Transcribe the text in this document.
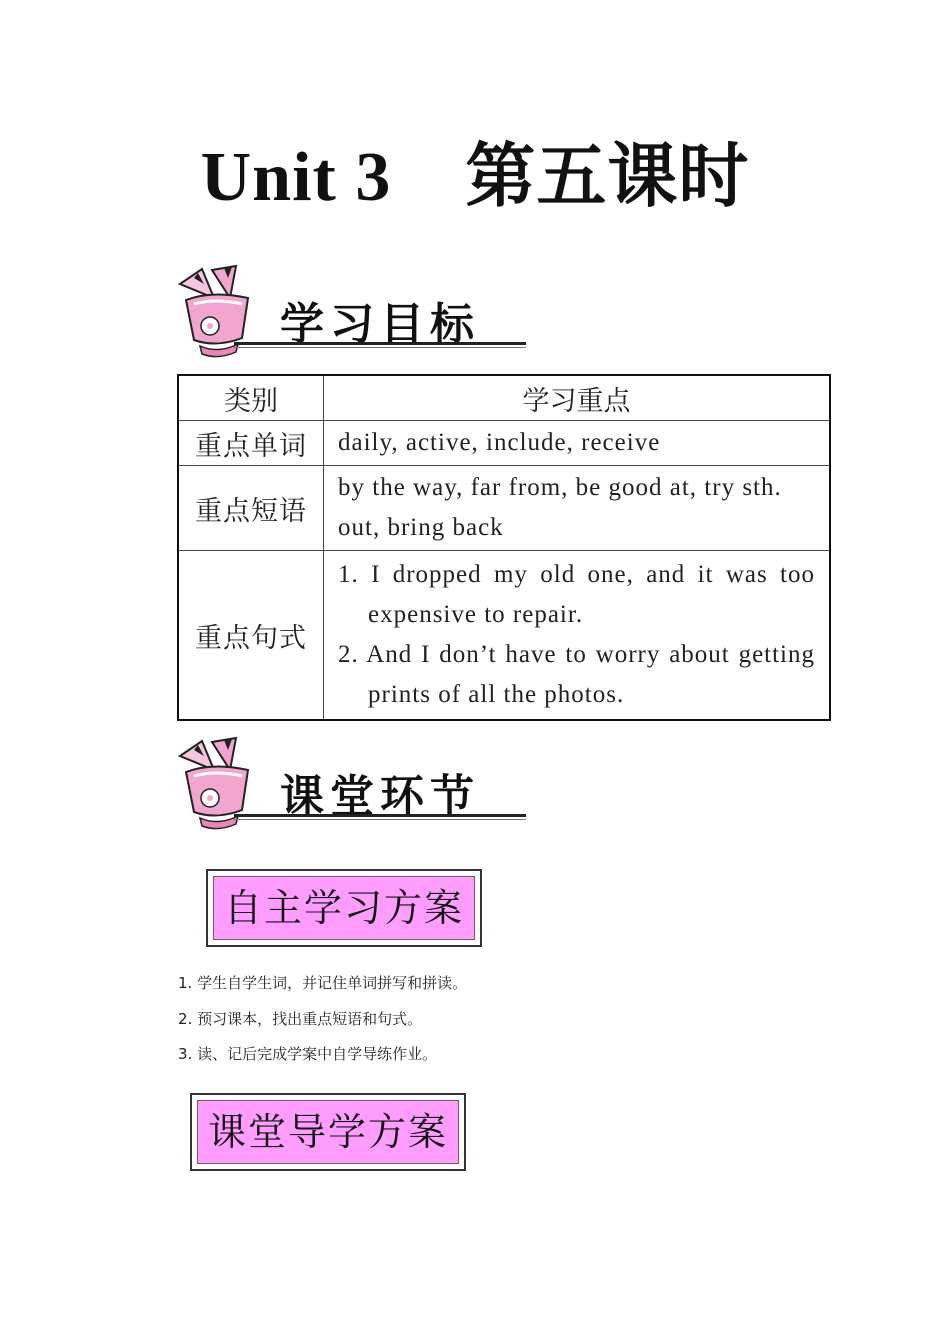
Unit 3    第五课时
学习目标
类别	学习重点
重点单词	daily, active, include, receive
重点短语	by the way, far from, be good at, try sth. out, bring back
重点句式	1. I dropped my old one, and it was too expensive to repair.
2. And I don’t have to worry about getting prints of all the photos.
课堂环节
自主学习方案
1. 学生自学生词，并记住单词拼写和拼读。
2. 预习课本，找出重点短语和句式。
3. 读、记后完成学案中自学导练作业。
课堂导学方案
